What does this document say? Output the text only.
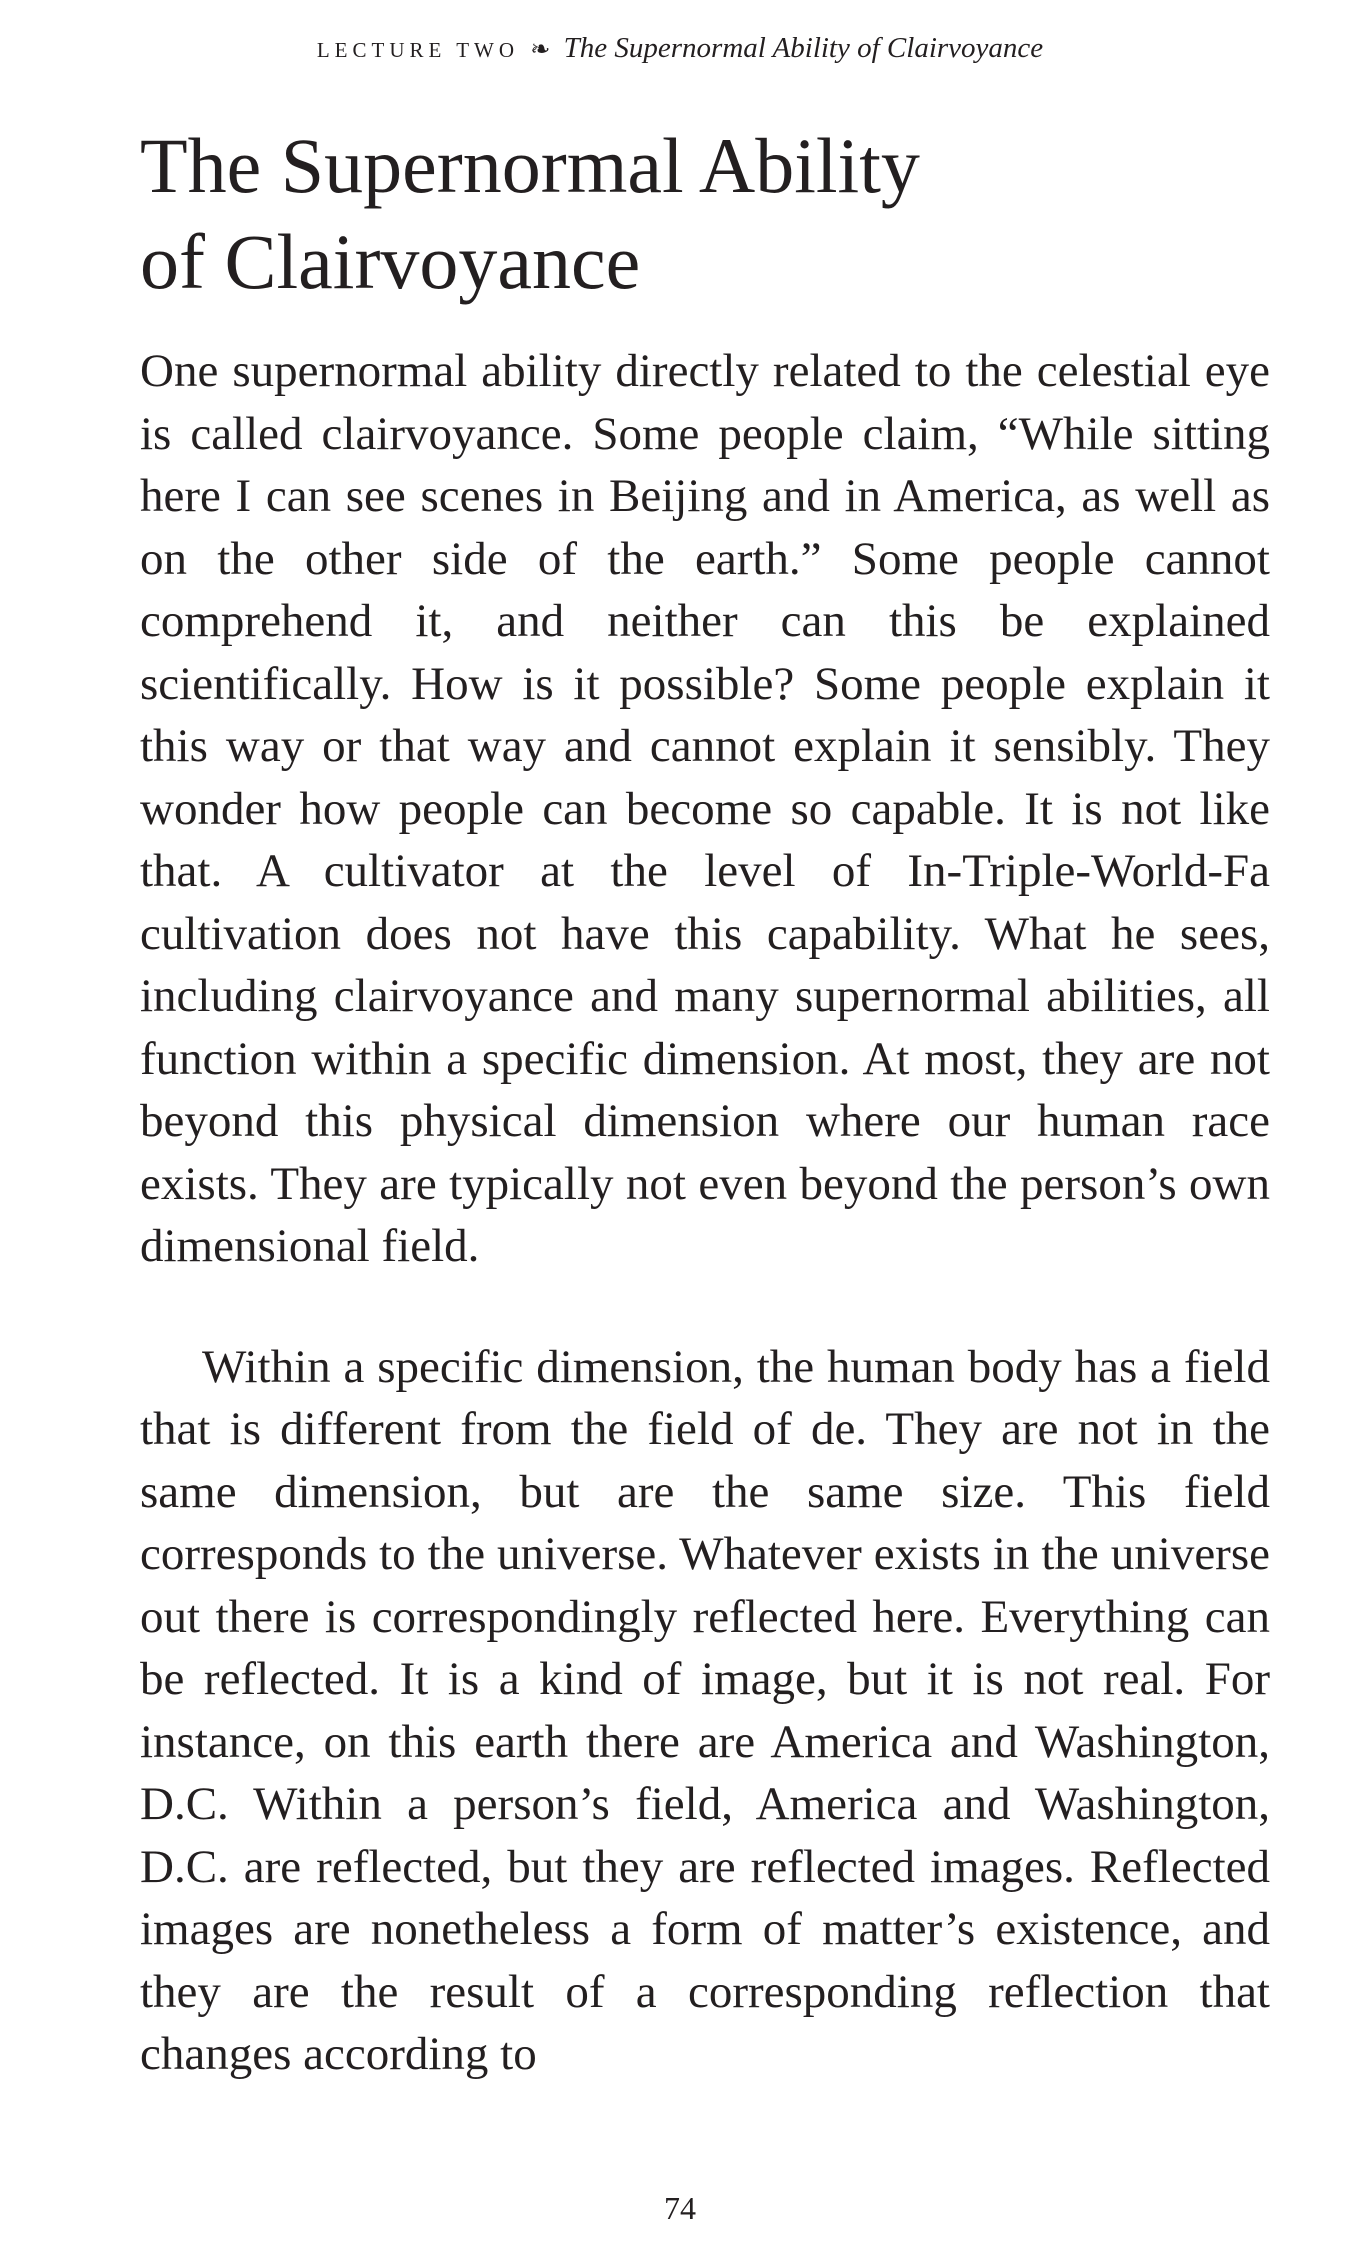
LECTURE TWO ❧ The Supernormal Ability of Clairvoyance
The Supernormal Ability
of Clairvoyance

One supernormal ability directly related to the celestial eye is called clairvoyance. Some people claim, “While sitting here I can see scenes in Beijing and in America, as well as on the other side of the earth.” Some people cannot comprehend it, and neither can this be explained scientifically. How is it possible? Some people explain it this way or that way and cannot explain it sensibly. They wonder how people can become so capable. It is not like that. A cultivator at the level of In-Triple-World-Fa cultivation does not have this capability. What he sees, including clairvoyance and many supernormal abilities, all function within a specific dimension. At most, they are not beyond this physical dimension where our human race exists. They are typically not even beyond the person’s own dimensional field.

Within a specific dimension, the human body has a field that is different from the field of de. They are not in the same dimension, but are the same size. This field corresponds to the universe. Whatever exists in the universe out there is correspondingly reflected here. Everything can be reflected. It is a kind of image, but it is not real. For instance, on this earth there are America and Washington, D.C. Within a person’s field, America and Washington, D.C. are reflected, but they are reflected images. Reflected images are nonetheless a form of matter’s existence, and they are the result of a corresponding reflection that changes according to

74
